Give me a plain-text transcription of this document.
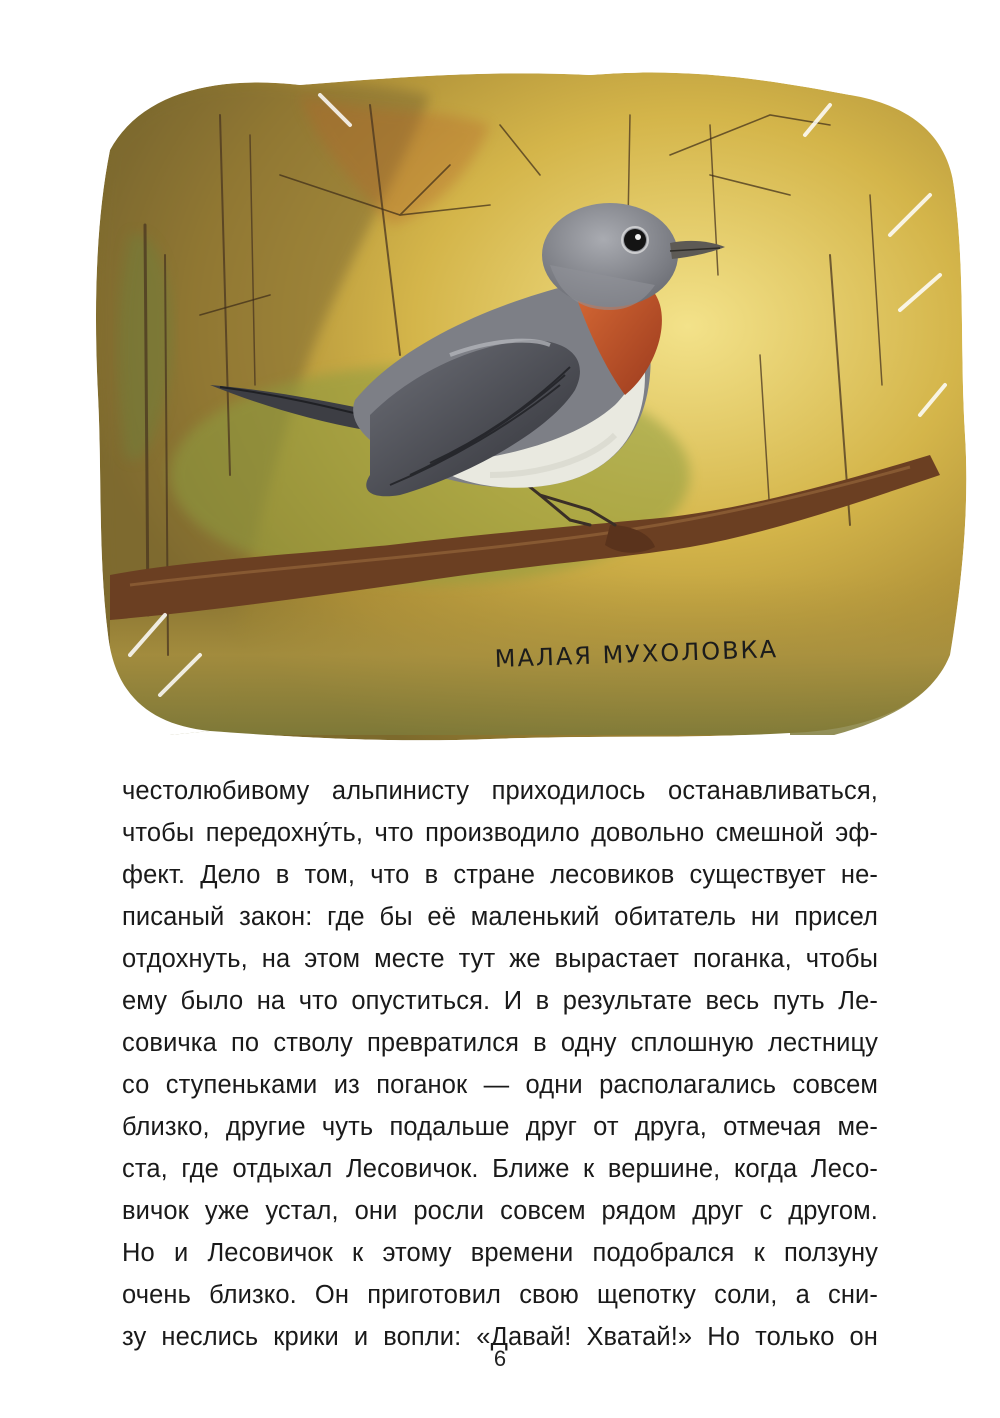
МАЛАЯ МУХОЛОВКА
честолюбивому альпинисту приходилось останавливаться,
чтобы передохну́ть, что производило довольно смешной эф-
фект. Дело в том, что в стране лесовиков существует не-
писаный закон: где бы её маленький обитатель ни присел
отдохнуть, на этом месте тут же вырастает поганка, чтобы
ему было на что опуститься. И в результате весь путь Ле-
совичка по стволу превратился в одну сплошную лестницу
со ступеньками из поганок — одни располагались совсем
близко, другие чуть подальше друг от друга, отмечая ме-
ста, где отдыхал Лесовичок. Ближе к вершине, когда Лесо-
вичок уже устал, они росли совсем рядом друг с другом.
Но и Лесовичок к этому времени подобрался к ползуну
очень близко. Он приготовил свою щепотку соли, а сни-
зу неслись крики и вопли: «Давай! Хватай!» Но только он
6
